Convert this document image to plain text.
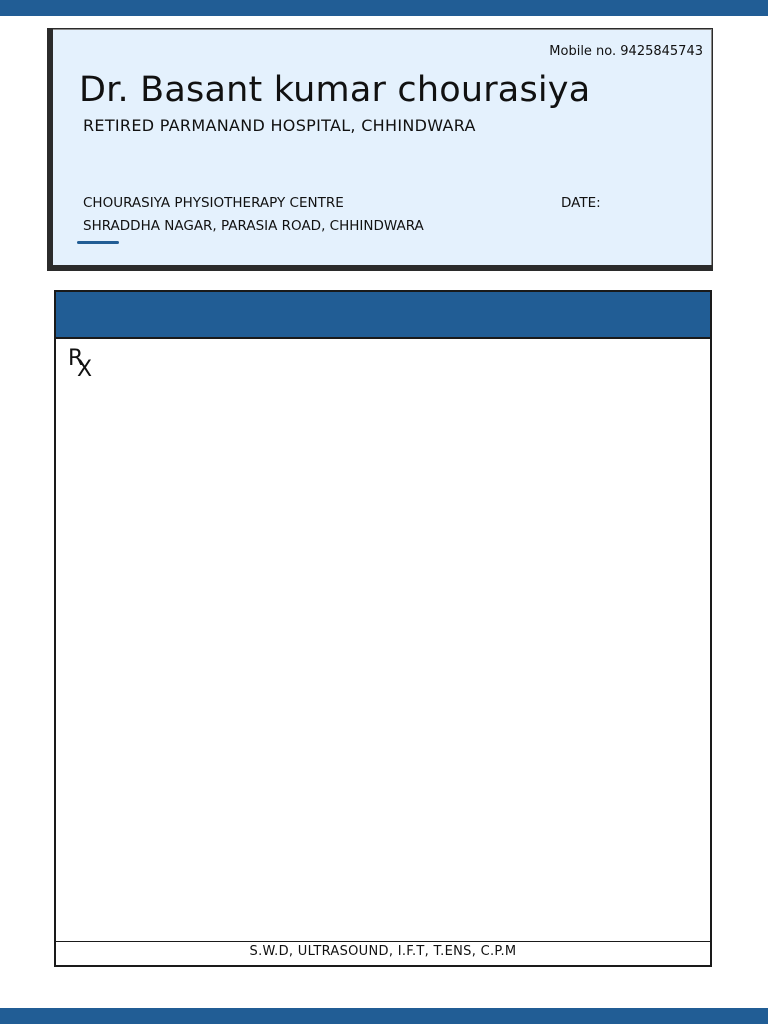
Mobile no. 9425845743
Dr. Basant kumar chourasiya
RETIRED PARMANAND HOSPITAL, CHHINDWARA
CHOURASIYA PHYSIOTHERAPY CENTRE	DATE:
SHRADDHA NAGAR, PARASIA ROAD, CHHINDWARA
R
X
S.W.D, ULTRASOUND, I.F.T, T.ENS, C.P.M
